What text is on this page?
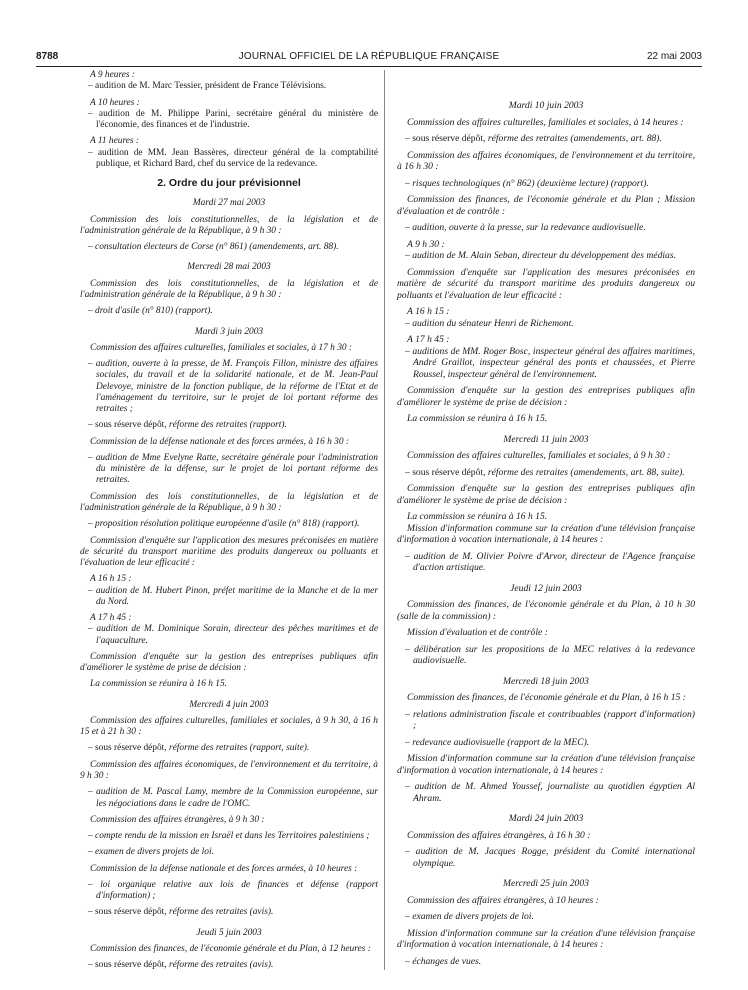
8788	JOURNAL OFFICIEL DE LA RÉPUBLIQUE FRANÇAISE	22 mai 2003
A 9 heures :
– audition de M. Marc Tessier, président de France Télévisions.
A 10 heures :
– audition de M. Philippe Parini, secrétaire général du ministère de l'économie, des finances et de l'industrie.
A 11 heures :
– audition de MM. Jean Bassères, directeur général de la comptabilité publique, et Richard Bard, chef du service de la redevance.
2. Ordre du jour prévisionnel
Mardi 27 mai 2003
Commission des lois constitutionnelles, de la législation et de l'administration générale de la République, à 9 h 30 :
– consultation électeurs de Corse (n° 861) (amendements, art. 88).
Mercredi 28 mai 2003
Commission des lois constitutionnelles, de la législation et de l'administration générale de la République, à 9 h 30 :
– droit d'asile (n° 810) (rapport).
Mardi 3 juin 2003
Commission des affaires culturelles, familiales et sociales, à 17 h 30 :
– audition, ouverte à la presse, de M. François Fillon, ministre des affaires sociales, du travail et de la solidarité nationale, et de M. Jean-Paul Delevoye, ministre de la fonction publique, de la réforme de l'Etat et de l'aménagement du territoire, sur le projet de loi portant réforme des retraites ;
– sous réserve dépôt, réforme des retraites (rapport).
Commission de la défense nationale et des forces armées, à 16 h 30 :
– audition de Mme Evelyne Ratte, secrétaire générale pour l'administration du ministère de la défense, sur le projet de loi portant réforme des retraites.
Commission des lois constitutionnelles, de la législation et de l'administration générale de la République, à 9 h 30 :
– proposition résolution politique européenne d'asile (n° 818) (rapport).
Commission d'enquête sur l'application des mesures préconisées en matière de sécurité du transport maritime des produits dangereux ou polluants et l'évaluation de leur efficacité :
A 16 h 15 :
– audition de M. Hubert Pinon, préfet maritime de la Manche et de la mer du Nord.
A 17 h 45 :
– audition de M. Dominique Sorain, directeur des pêches maritimes et de l'aquaculture.
Commission d'enquête sur la gestion des entreprises publiques afin d'améliorer le système de prise de décision :
La commission se réunira à 16 h 15.
Mercredi 4 juin 2003
Commission des affaires culturelles, familiales et sociales, à 9 h 30, à 16 h 15 et à 21 h 30 :
– sous réserve dépôt, réforme des retraites (rapport, suite).
Commission des affaires économiques, de l'environnement et du territoire, à 9 h 30 :
– audition de M. Pascal Lamy, membre de la Commission européenne, sur les négociations dans le cadre de l'OMC.
Commission des affaires étrangères, à 9 h 30 :
– compte rendu de la mission en Israël et dans les Territoires palestiniens ;
– examen de divers projets de loi.
Commission de la défense nationale et des forces armées, à 10 heures :
– loi organique relative aux lois de finances et défense (rapport d'information) ;
– sous réserve dépôt, réforme des retraites (avis).
Jeudi 5 juin 2003
Commission des finances, de l'économie générale et du Plan, à 12 heures :
– sous réserve dépôt, réforme des retraites (avis).
Mardi 10 juin 2003
Commission des affaires culturelles, familiales et sociales, à 14 heures :
– sous réserve dépôt, réforme des retraites (amendements, art. 88).
Commission des affaires économiques, de l'environnement et du territoire, à 16 h 30 :
– risques technologiques (n° 862) (deuxième lecture) (rapport).
Commission des finances, de l'économie générale et du Plan ; Mission d'évaluation et de contrôle :
– audition, ouverte à la presse, sur la redevance audiovisuelle.
A 9 h 30 :
– audition de M. Alain Seban, directeur du développement des médias.
Commission d'enquête sur l'application des mesures préconisées en matière de sécurité du transport maritime des produits dangereux ou polluants et l'évaluation de leur efficacité :
A 16 h 15 :
– audition du sénateur Henri de Richemont.
A 17 h 45 :
– auditions de MM. Roger Bosc, inspecteur général des affaires maritimes, André Graillot, inspecteur général des ponts et chaussées, et Pierre Roussel, inspecteur général de l'environnement.
Commission d'enquête sur la gestion des entreprises publiques afin d'améliorer le système de prise de décision :
La commission se réunira à 16 h 15.
Mercredi 11 juin 2003
Commission des affaires culturelles, familiales et sociales, à 9 h 30 :
– sous réserve dépôt, réforme des retraites (amendements, art. 88, suite).
Commission d'enquête sur la gestion des entreprises publiques afin d'améliorer le système de prise de décision :
La commission se réunira à 16 h 15.
Mission d'information commune sur la création d'une télévision française d'information à vocation internationale, à 14 heures :
– audition de M. Olivier Poivre d'Arvor, directeur de l'Agence française d'action artistique.
Jeudi 12 juin 2003
Commission des finances, de l'économie générale et du Plan, à 10 h 30 (salle de la commission) :
Mission d'évaluation et de contrôle :
– délibération sur les propositions de la MEC relatives à la redevance audiovisuelle.
Mercredi 18 juin 2003
Commission des finances, de l'économie générale et du Plan, à 16 h 15 :
– relations administration fiscale et contribuables (rapport d'information) ;
– redevance audiovisuelle (rapport de la MEC).
Mission d'information commune sur la création d'une télévision française d'information à vocation internationale, à 14 heures :
– audition de M. Ahmed Youssef, journaliste au quotidien égyptien Al Ahram.
Mardi 24 juin 2003
Commission des affaires étrangères, à 16 h 30 :
– audition de M. Jacques Rogge, président du Comité international olympique.
Mercredi 25 juin 2003
Commission des affaires étrangères, à 10 heures :
– examen de divers projets de loi.
Mission d'information commune sur la création d'une télévision française d'information à vocation internationale, à 14 heures :
– échanges de vues.
